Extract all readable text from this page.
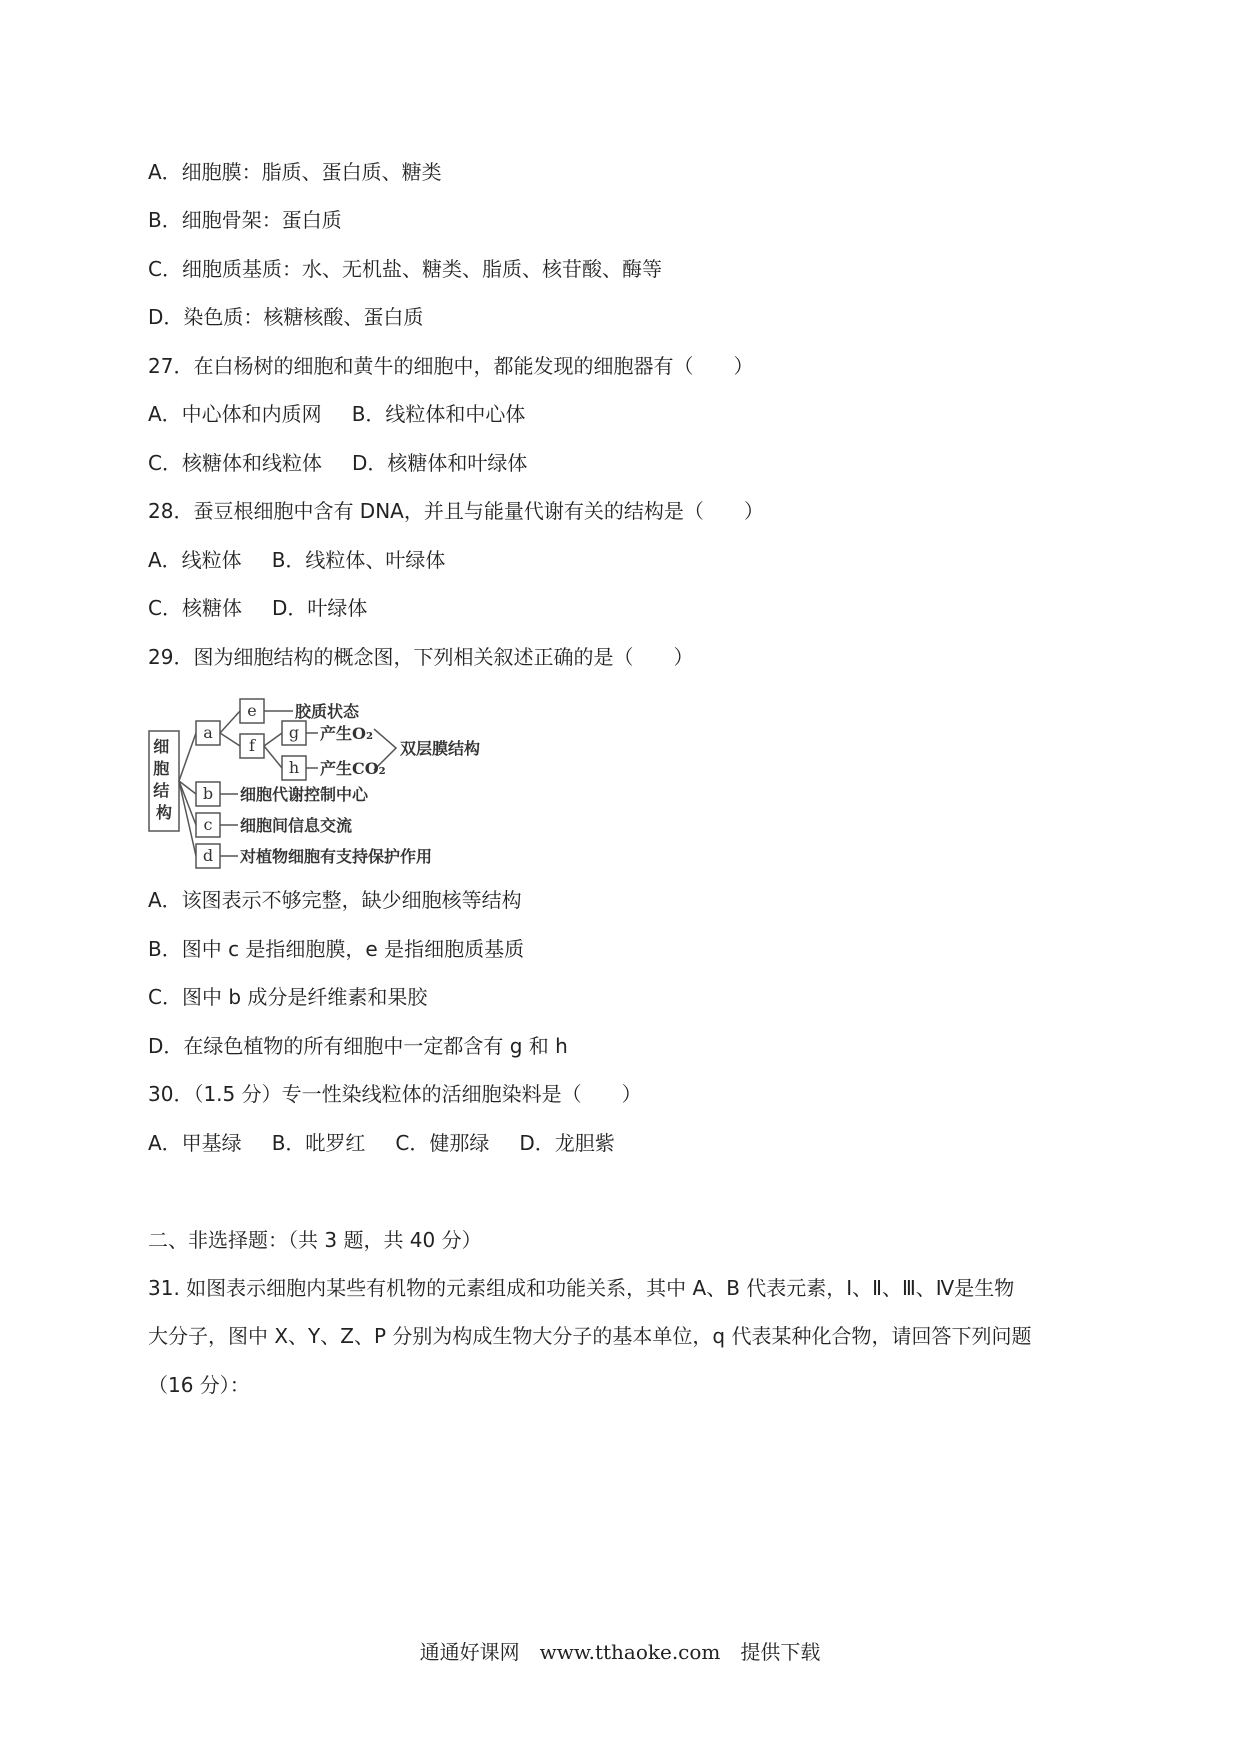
A．细胞膜：脂质、蛋白质、糖类
B．细胞骨架：蛋白质
C．细胞质基质：水、无机盐、糖类、脂质、核苷酸、酶等
D．染色质：核糖核酸、蛋白质
27．在白杨树的细胞和黄牛的细胞中，都能发现的细胞器有（　　）
A．中心体和内质网 B．线粒体和中心体
C．核糖体和线粒体 D．核糖体和叶绿体
28．蚕豆根细胞中含有 DNA，并且与能量代谢有关的结构是（　　）
A．线粒体 B．线粒体、叶绿体
C．核糖体 D．叶绿体
29．图为细胞结构的概念图，下列相关叙述正确的是（　　）
细 胞 结 构
a
b
c
d
e
f
g
h
胶质状态
产生O₂
产生CO₂
双层膜结构
细胞代谢控制中心
细胞间信息交流
对植物细胞有支持保护作用
A．该图表示不够完整，缺少细胞核等结构
B．图中 c 是指细胞膜，e 是指细胞质基质
C．图中 b 成分是纤维素和果胶
D．在绿色植物的所有细胞中一定都含有 g 和 h
30．（1.5 分）专一性染线粒体的活细胞染料是（　　）
A．甲基绿 B．吡罗红 C．健那绿 D．龙胆紫
二、非选择题：（共 3 题，共 40 分）
31. 如图表示细胞内某些有机物的元素组成和功能关系，其中 A、B 代表元素，Ⅰ、Ⅱ、Ⅲ、Ⅳ是生物
大分子，图中 X、Y、Z、P 分别为构成生物大分子的基本单位，q 代表某种化合物，请回答下列问题
（16 分）：
通通好课网　www.tthaoke.com　提供下载
